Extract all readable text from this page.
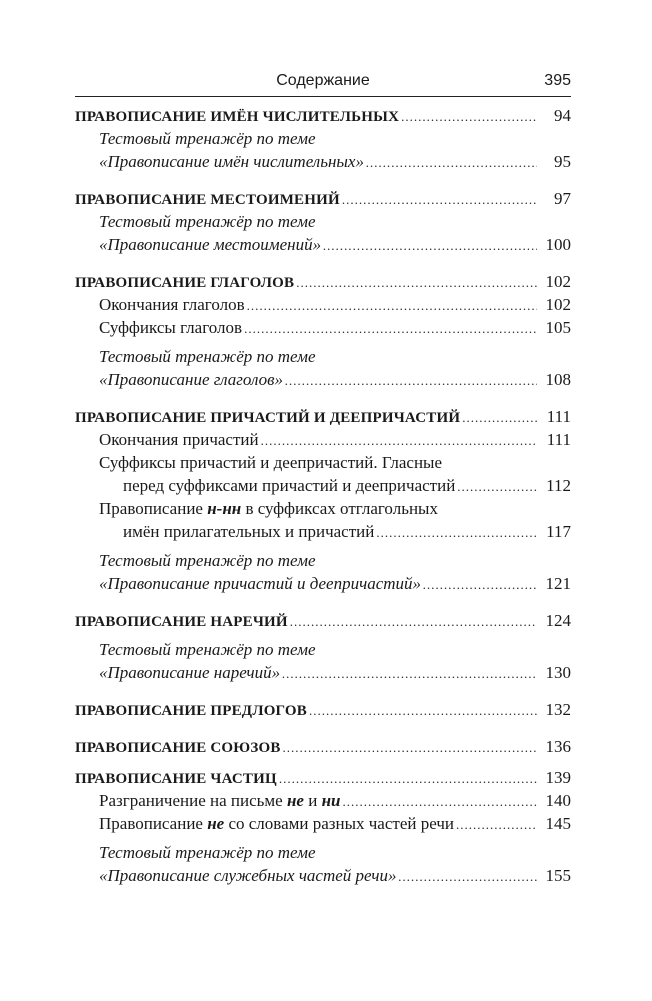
Содержание	395
ПРАВОПИСАНИЕ ИМЁН ЧИСЛИТЕЛЬНЫХ .....	94
Тестовый тренажёр по теме
«Правописание имён числительных» .....	95
ПРАВОПИСАНИЕ МЕСТОИМЕНИЙ .....	97
Тестовый тренажёр по теме
«Правописание местоимений» .....	100
ПРАВОПИСАНИЕ ГЛАГОЛОВ .....	102
Окончания глаголов .....	102
Суффиксы глаголов .....	105
Тестовый тренажёр по теме
«Правописание глаголов» .....	108
ПРАВОПИСАНИЕ ПРИЧАСТИЙ И ДЕЕПРИЧАСТИЙ .....	111
Окончания причастий .....	111
Суффиксы причастий и деепричастий. Гласные
перед суффиксами причастий и деепричастий .....	112
Правописание н-нн в суффиксах отглагольных
имён прилагательных и причастий .....	117
Тестовый тренажёр по теме
«Правописание причастий и деепричастий» .....	121
ПРАВОПИСАНИЕ НАРЕЧИЙ .....	124
Тестовый тренажёр по теме
«Правописание наречий» .....	130
ПРАВОПИСАНИЕ ПРЕДЛОГОВ .....	132
ПРАВОПИСАНИЕ СОЮЗОВ .....	136
ПРАВОПИСАНИЕ ЧАСТИЦ .....	139
Разграничение на письме не и ни .....	140
Правописание не со словами разных частей речи .....	145
Тестовый тренажёр по теме
«Правописание служебных частей речи» .....	155
